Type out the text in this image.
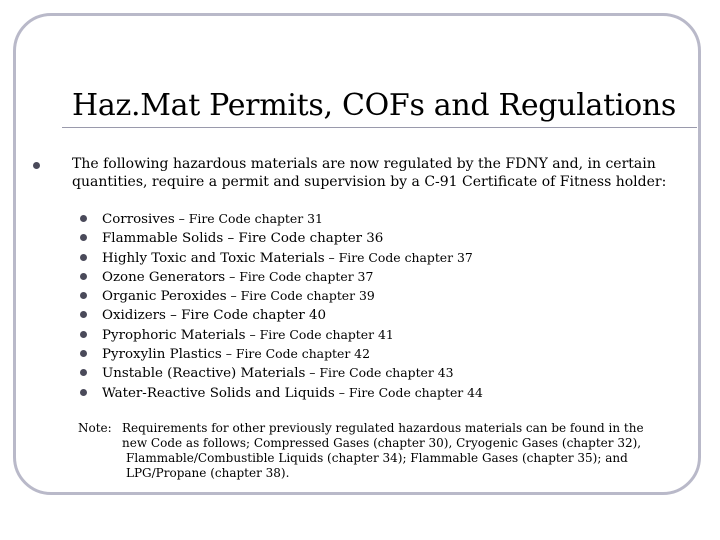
Haz.Mat Permits, COFs and Regulations
The following hazardous materials are now regulated by the FDNY and, in certain
quantities, require a permit and supervision by a C-91 Certificate of Fitness holder:
Corrosives – Fire Code chapter 31
Flammable Solids – Fire Code chapter 36
Highly Toxic and Toxic Materials – Fire Code chapter 37
Ozone Generators – Fire Code chapter 37
Organic Peroxides – Fire Code chapter 39
Oxidizers – Fire Code chapter 40
Pyrophoric Materials – Fire Code chapter 41
Pyroxylin Plastics – Fire Code chapter 42
Unstable (Reactive) Materials – Fire Code chapter 43
Water-Reactive Solids and Liquids – Fire Code chapter 44
Note: Requirements for other previously regulated hazardous materials can be found in the
new Code as follows; Compressed Gases (chapter 30), Cryogenic Gases (chapter 32),
Flammable/Combustible Liquids (chapter 34); Flammable Gases (chapter 35); and
LPG/Propane (chapter 38).
